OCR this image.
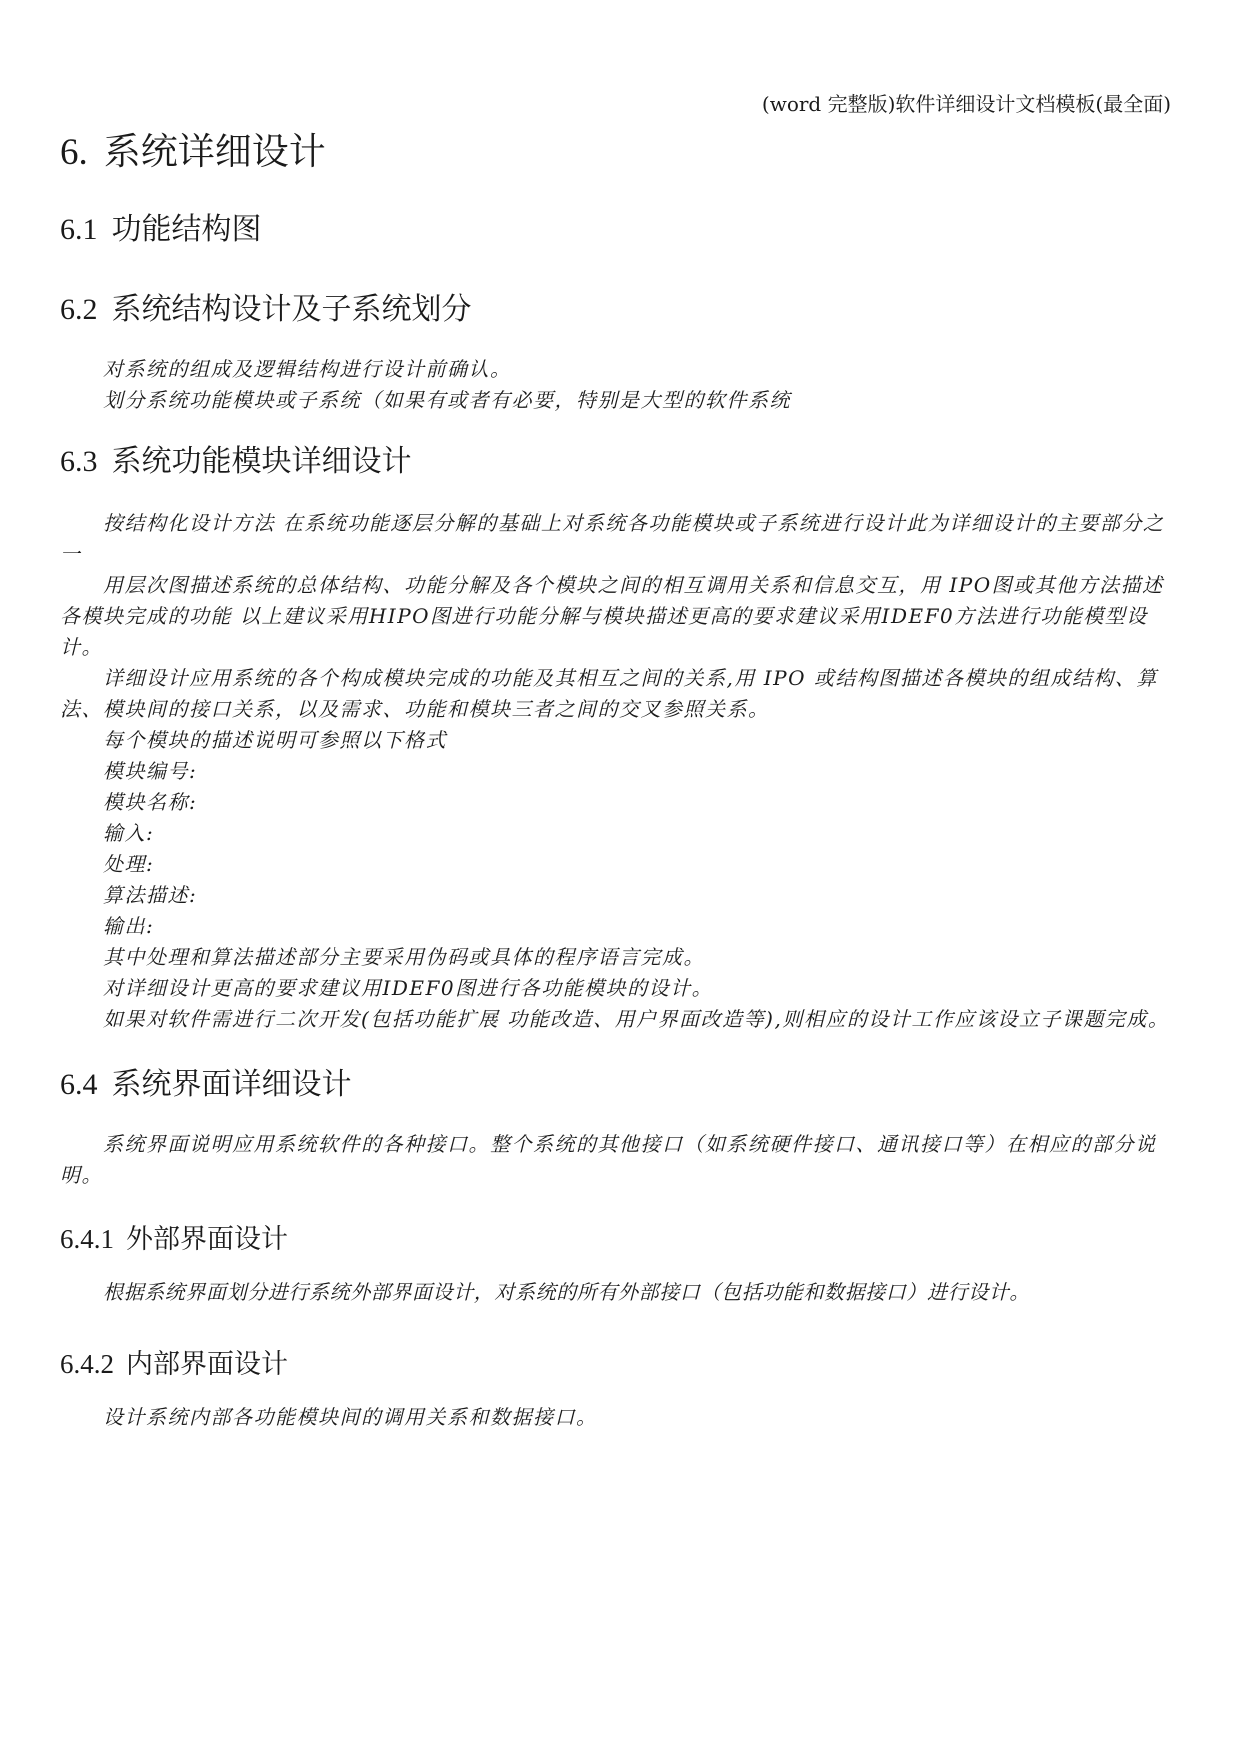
(word 完整版)软件详细设计文档模板(最全面)
6. 系统详细设计
6.1 功能结构图
6.2 系统结构设计及子系统划分

对系统的组成及逻辑结构进行设计前确认。

划分系统功能模块或子系统（如果有或者有必要，特别是大型的软件系统

6.3 系统功能模块详细设计

按结构化设计方法 在系统功能逐层分解的基础上对系统各功能模块或子系统进行设计此为详细设计的主要部分之一

用层次图描述系统的总体结构、功能分解及各个模块之间的相互调用关系和信息交互，用 IPO图或其他方法描述各模块完成的功能 以上建议采用HIPO图进行功能分解与模块描述更高的要求建议采用IDEF0方法进行功能模型设计。

详细设计应用系统的各个构成模块完成的功能及其相互之间的关系,用 IPO 或结构图描述各模块的组成结构、算法、模块间的接口关系，以及需求、功能和模块三者之间的交叉参照关系。

每个模块的描述说明可参照以下格式

模块编号:

模块名称:

输入:

处理:

算法描述:

输出:

其中处理和算法描述部分主要采用伪码或具体的程序语言完成。

对详细设计更高的要求建议用IDEF0图进行各功能模块的设计。

如果对软件需进行二次开发(包括功能扩展 功能改造、用户界面改造等),则相应的设计工作应该设立子课题完成。

6.4 系统界面详细设计

系统界面说明应用系统软件的各种接口。整个系统的其他接口（如系统硬件接口、通讯接口等）在相应的部分说明。

6.4.1 外部界面设计

根据系统界面划分进行系统外部界面设计，对系统的所有外部接口（包括功能和数据接口）进行设计。

6.4.2 内部界面设计

设计系统内部各功能模块间的调用关系和数据接口。
